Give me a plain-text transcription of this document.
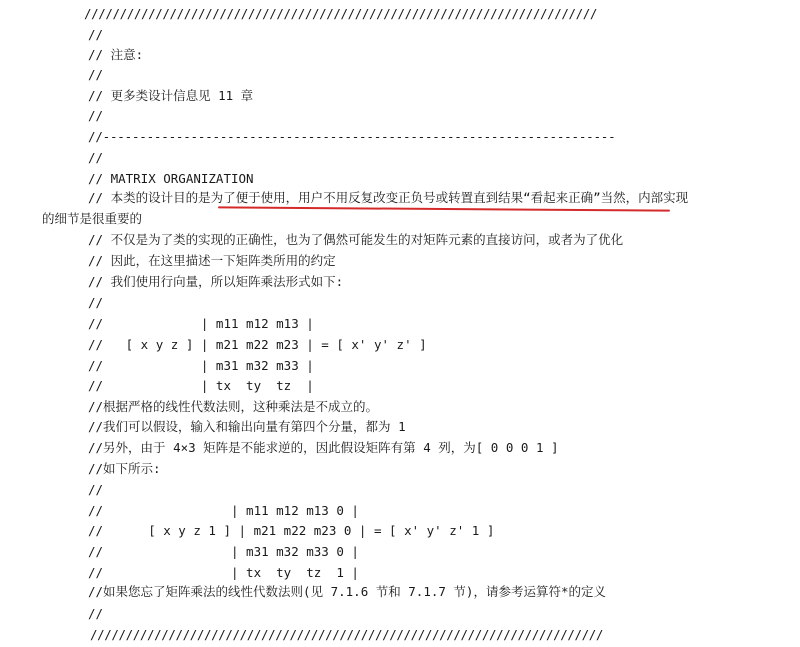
////////////////////////////////////////////////////////////////////////
//
// 注意:
//
// 更多类设计信息见 11 章
//
//----------------------------------------------------------------------
//
// MATRIX ORGANIZATION
// 本类的设计目的是为了便于使用，用户不用反复改变正负号或转置直到结果“看起来正确”当然，内部实现
的细节是很重要的
// 不仅是为了类的实现的正确性，也为了偶然可能发生的对矩阵元素的直接访问，或者为了优化
// 因此，在这里描述一下矩阵类所用的约定
// 我们使用行向量，所以矩阵乘法形式如下:
//
//             | m11 m12 m13 |
//   [ x y z ] | m21 m22 m23 | = [ x' y' z' ]
//             | m31 m32 m33 |
//             | tx  ty  tz  |
//根据严格的线性代数法则，这种乘法是不成立的。
//我们可以假设，输入和输出向量有第四个分量，都为 1
//另外，由于 4×3 矩阵是不能求逆的，因此假设矩阵有第 4 列，为[ 0 0 0 1 ]
//如下所示:
//
//                 | m11 m12 m13 0 |
//      [ x y z 1 ] | m21 m22 m23 0 | = [ x' y' z' 1 ]
//                 | m31 m32 m33 0 |
//                 | tx  ty  tz  1 |
//如果您忘了矩阵乘法的线性代数法则(见 7.1.6 节和 7.1.7 节)，请参考运算符*的定义
//
////////////////////////////////////////////////////////////////////////
